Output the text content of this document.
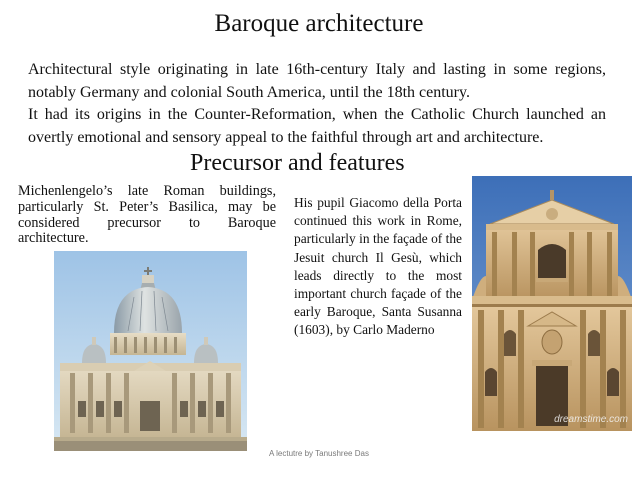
Baroque architecture

Architectural style originating in late 16th-century Italy and lasting in some regions, notably Germany and colonial South America, until the 18th century.

It had its origins in the Counter-Reformation, when the Catholic Church launched an overtly emotional and sensory appeal to the faithful through art and architecture.

Precursor and features
Michenlengelo’s late Roman buildings, particularly St. Peter’s Basilica, may be considered precursor to Baroque architecture.
His pupil Giacomo della Porta continued this work in Rome, particularly in the façade of the Jesuit church Il Gesù, which leads directly to the most important church façade of the early Baroque, Santa Susanna (1603), by Carlo Maderno
dreamstime.com
A lectutre by Tanushree Das
